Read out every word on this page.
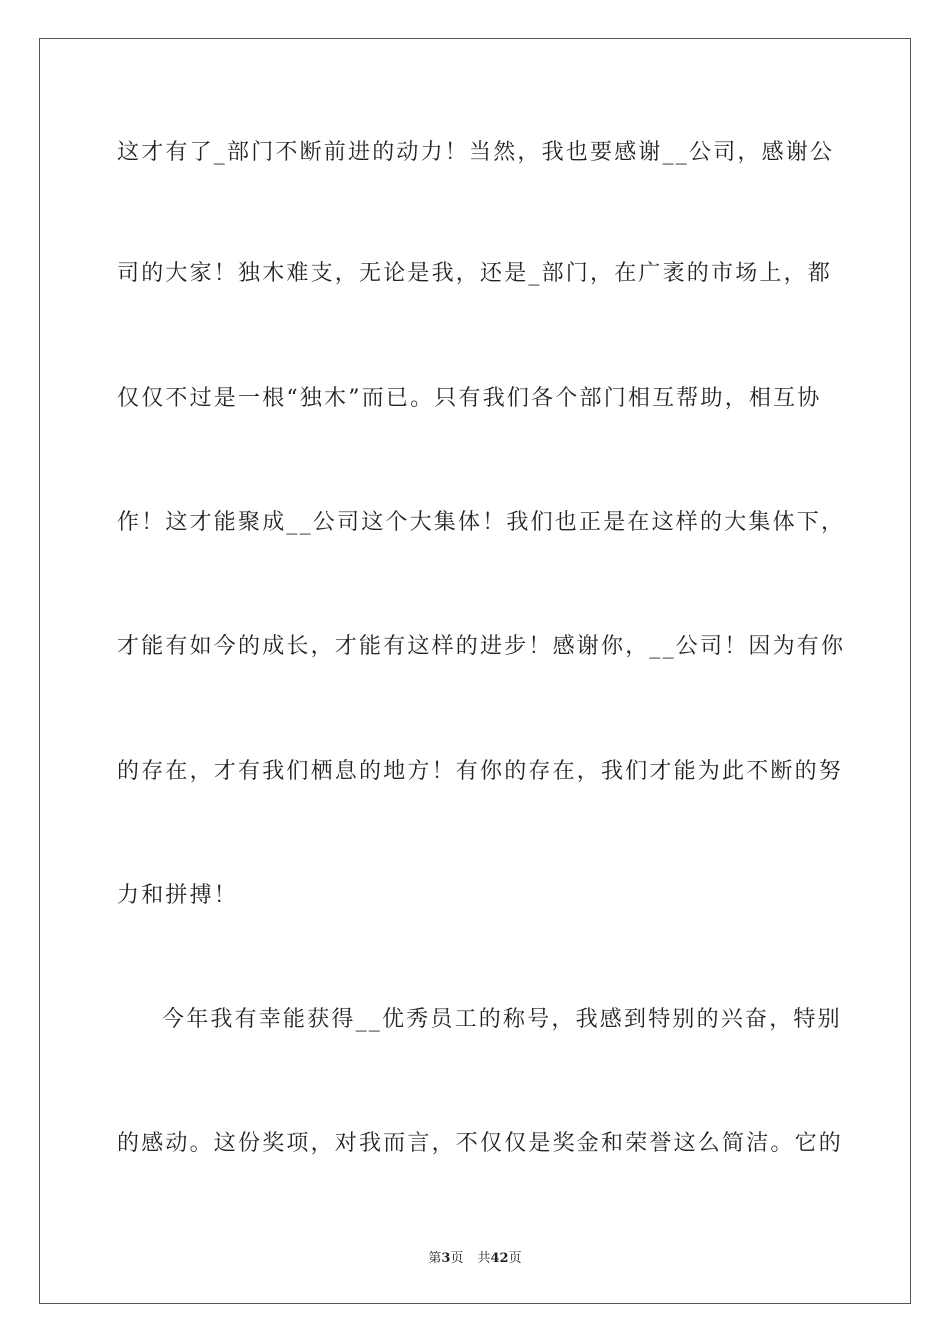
这才有了_部门不断前进的动力！当然，我也要感谢__公司，感谢公
司的大家！独木难支，无论是我，还是_部门，在广袤的市场上，都
仅仅不过是一根“独木”而已。只有我们各个部门相互帮助，相互协
作！这才能聚成__公司这个大集体！我们也正是在这样的大集体下，
才能有如今的成长，才能有这样的进步！感谢你，__公司！因为有你
的存在，才有我们栖息的地方！有你的存在，我们才能为此不断的努
力和拼搏！
今年我有幸能获得__优秀员工的称号，我感到特别的兴奋，特别
的感动。这份奖项，对我而言，不仅仅是奖金和荣誉这么简洁。它的
第3页 共42页
